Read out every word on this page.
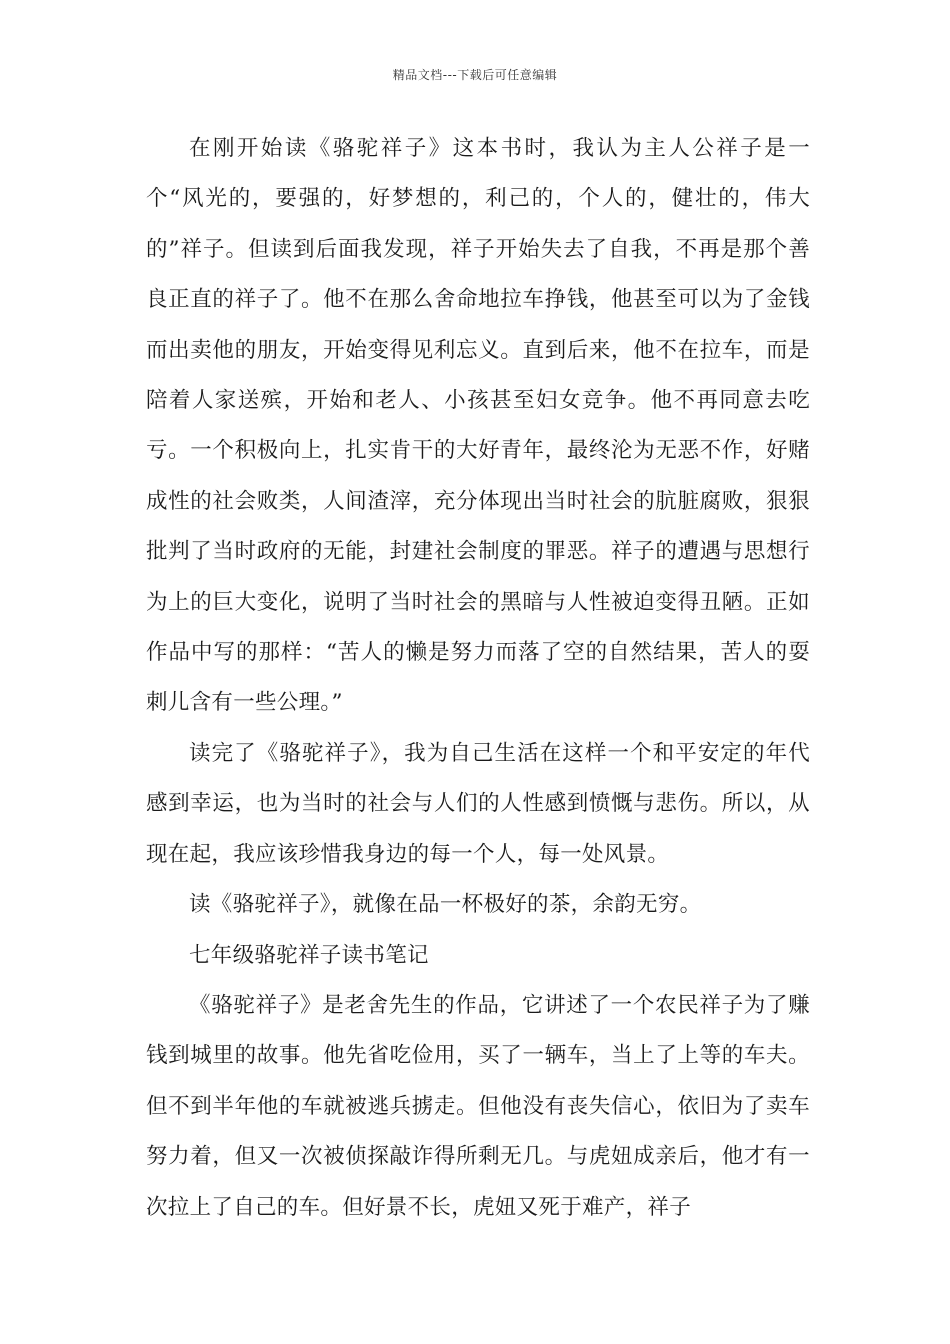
精品文档---下载后可任意编辑

在刚开始读《骆驼祥子》这本书时，我认为主人公祥子是一个“风光的，要强的，好梦想的，利己的，个人的，健壮的，伟大的”祥子。但读到后面我发现，祥子开始失去了自我，不再是那个善良正直的祥子了。他不在那么舍命地拉车挣钱，他甚至可以为了金钱而出卖他的朋友，开始变得见利忘义。直到后来，他不在拉车，而是陪着人家送殡，开始和老人、小孩甚至妇女竞争。他不再同意去吃亏。一个积极向上，扎实肯干的大好青年，最终沦为无恶不作，好赌成性的社会败类，人间渣滓，充分体现出当时社会的肮脏腐败，狠狠批判了当时政府的无能，封建社会制度的罪恶。祥子的遭遇与思想行为上的巨大变化，说明了当时社会的黑暗与人性被迫变得丑陋。正如作品中写的那样：“苦人的懒是努力而落了空的自然结果，苦人的耍刺儿含有一些公理。”

读完了《骆驼祥子》，我为自己生活在这样一个和平安定的年代感到幸运，也为当时的社会与人们的人性感到愤慨与悲伤。所以，从现在起，我应该珍惜我身边的每一个人，每一处风景。

读《骆驼祥子》，就像在品一杯极好的茶，余韵无穷。

七年级骆驼祥子读书笔记

《骆驼祥子》是老舍先生的作品，它讲述了一个农民祥子为了赚钱到城里的故事。他先省吃俭用，买了一辆车，当上了上等的车夫。但不到半年他的车就被逃兵掳走。但他没有丧失信心，依旧为了卖车努力着，但又一次被侦探敲诈得所剩无几。与虎妞成亲后，他才有一次拉上了自己的车。但好景不长，虎妞又死于难产，祥子
